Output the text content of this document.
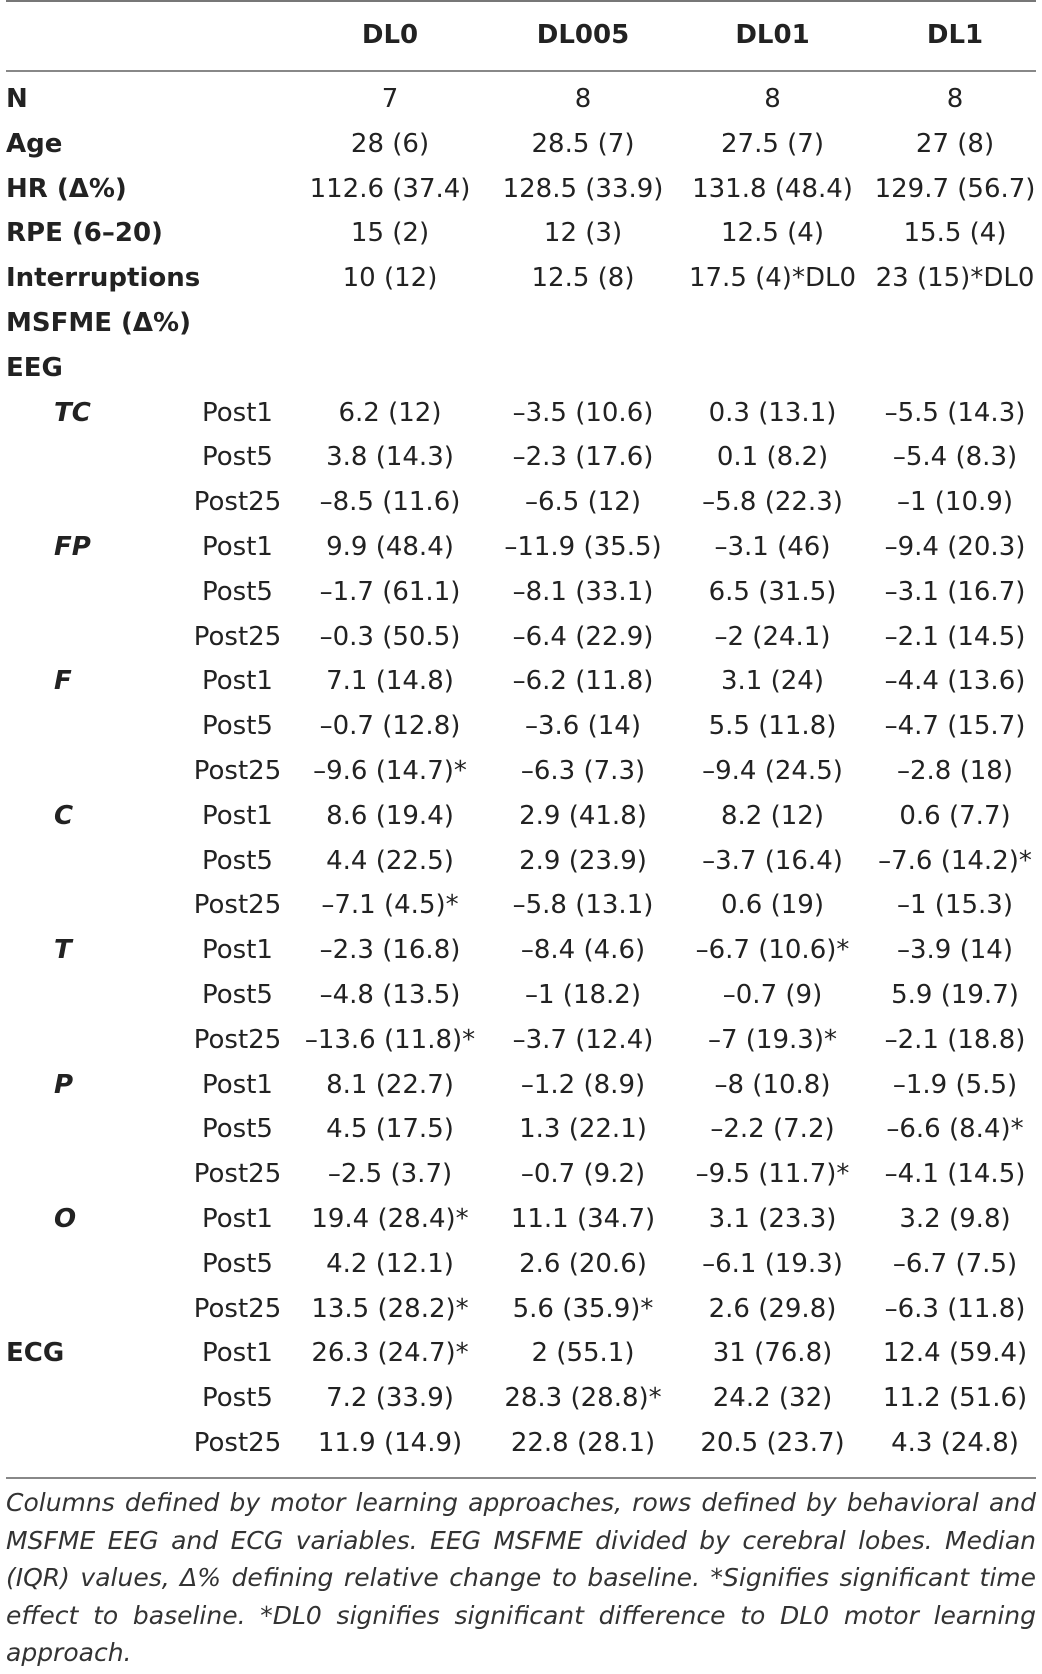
DL0	DL005	DL01	DL1
N	7	8	8	8
Age	28 (6)	28.5 (7)	27.5 (7)	27 (8)
HR (Δ%)	112.6 (37.4)	128.5 (33.9)	131.8 (48.4) 129.7 (56.7)
RPE (6–20)	15 (2)	12 (3)	12.5 (4)	15.5 (4)
Interruptions	10 (12)	12.5 (8)	17.5 (4)*DL0 23 (15)*DL0
MSFME (Δ%)
EEG
TC	Post1	6.2 (12)	–3.5 (10.6)	0.3 (13.1)	–5.5 (14.3)
Post5	3.8 (14.3)	–2.3 (17.6)	0.1 (8.2)	–5.4 (8.3)
Post25	–8.5 (11.6)	–6.5 (12)	–5.8 (22.3)	–1 (10.9)
FP	Post1	9.9 (48.4)	–11.9 (35.5)	–3.1 (46)	–9.4 (20.3)
Post5	–1.7 (61.1)	–8.1 (33.1)	6.5 (31.5)	–3.1 (16.7)
Post25	–0.3 (50.5)	–6.4 (22.9)	–2 (24.1)	–2.1 (14.5)
F	Post1	7.1 (14.8)	–6.2 (11.8)	3.1 (24)	–4.4 (13.6)
Post5	–0.7 (12.8)	–3.6 (14)	5.5 (11.8)	–4.7 (15.7)
Post25	–9.6 (14.7)*	–6.3 (7.3)	–9.4 (24.5)	–2.8 (18)
C	Post1	8.6 (19.4)	2.9 (41.8)	8.2 (12)	0.6 (7.7)
Post5	4.4 (22.5)	2.9 (23.9)	–3.7 (16.4)	–7.6 (14.2)*
Post25	–7.1 (4.5)*	–5.8 (13.1)	0.6 (19)	–1 (15.3)
T	Post1	–2.3 (16.8)	–8.4 (4.6)	–6.7 (10.6)*	–3.9 (14)
Post5	–4.8 (13.5)	–1 (18.2)	–0.7 (9)	5.9 (19.7)
Post25 –13.6 (11.8)*	–3.7 (12.4)	–7 (19.3)*	–2.1 (18.8)
P	Post1	8.1 (22.7)	–1.2 (8.9)	–8 (10.8)	–1.9 (5.5)
Post5	4.5 (17.5)	1.3 (22.1)	–2.2 (7.2)	–6.6 (8.4)*
Post25	–2.5 (3.7)	–0.7 (9.2)	–9.5 (11.7)*	–4.1 (14.5)
O	Post1	19.4 (28.4)*	11.1 (34.7)	3.1 (23.3)	3.2 (9.8)
Post5	4.2 (12.1)	2.6 (20.6)	–6.1 (19.3)	–6.7 (7.5)
Post25	13.5 (28.2)*	5.6 (35.9)*	2.6 (29.8)	–6.3 (11.8)
ECG	Post1	26.3 (24.7)*	2 (55.1)	31 (76.8)	12.4 (59.4)
Post5	7.2 (33.9)	28.3 (28.8)*	24.2 (32)	11.2 (51.6)
Post25	11.9 (14.9)	22.8 (28.1)	20.5 (23.7)	4.3 (24.8)
Columns defined by motor learning approaches, rows defined by behavioral and MSFME EEG and ECG variables. EEG MSFME divided by cerebral lobes. Median (IQR) values, Δ% defining relative change to baseline. *Signifies significant time effect to baseline. *DL0 signifies significant difference to DL0 motor learning approach.
